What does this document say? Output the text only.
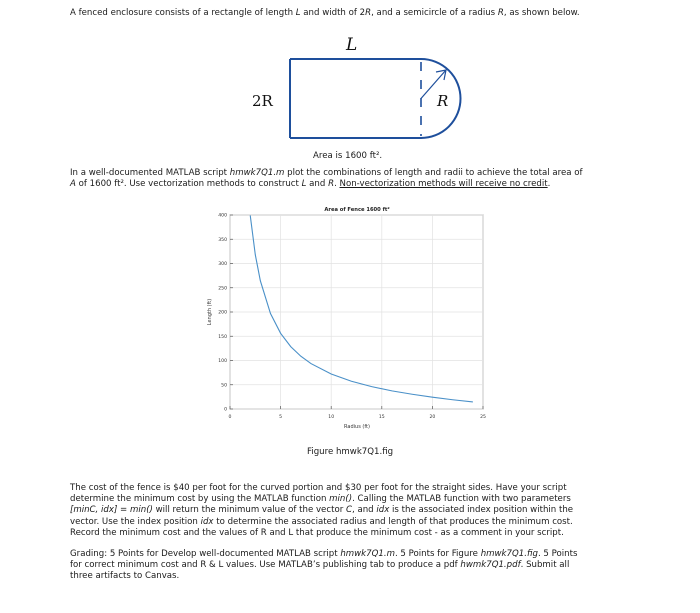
A fenced enclosure consists of a rectangle of length L and width of 2R, and a semicircle of a radius R, as shown below.
L
2R	R
Area is 1600 ft².
In a well-documented MATLAB script hmwk7Q1.m plot the combinations of length and radii to achieve the total area of
A of 1600 ft². Use vectorization methods to construct L and R. Non-vectorization methods will receive no credit.
0	5	10	15	20	25
0
50
100
150
200
250
300
350
400
Area of Fence 1600 ft²
Radius (ft)
Length (ft)
Figure hmwk7Q1.fig
The cost of the fence is $40 per foot for the curved portion and $30 per foot for the straight sides. Have your script
determine the minimum cost by using the MATLAB function min(). Calling the MATLAB function with two parameters
[minC, idx] = min() will return the minimum value of the vector C, and idx is the associated index position within the
vector. Use the index position idx to determine the associated radius and length of that produces the minimum cost.
Record the minimum cost and the values of R and L that produce the minimum cost - as a comment in your script.
Grading: 5 Points for Develop well-documented MATLAB script hmwk7Q1.m. 5 Points for Figure hmwk7Q1.fig. 5 Points
for correct minimum cost and R & L values. Use MATLAB’s publishing tab to produce a pdf hwmk7Q1.pdf. Submit all
three artifacts to Canvas.
